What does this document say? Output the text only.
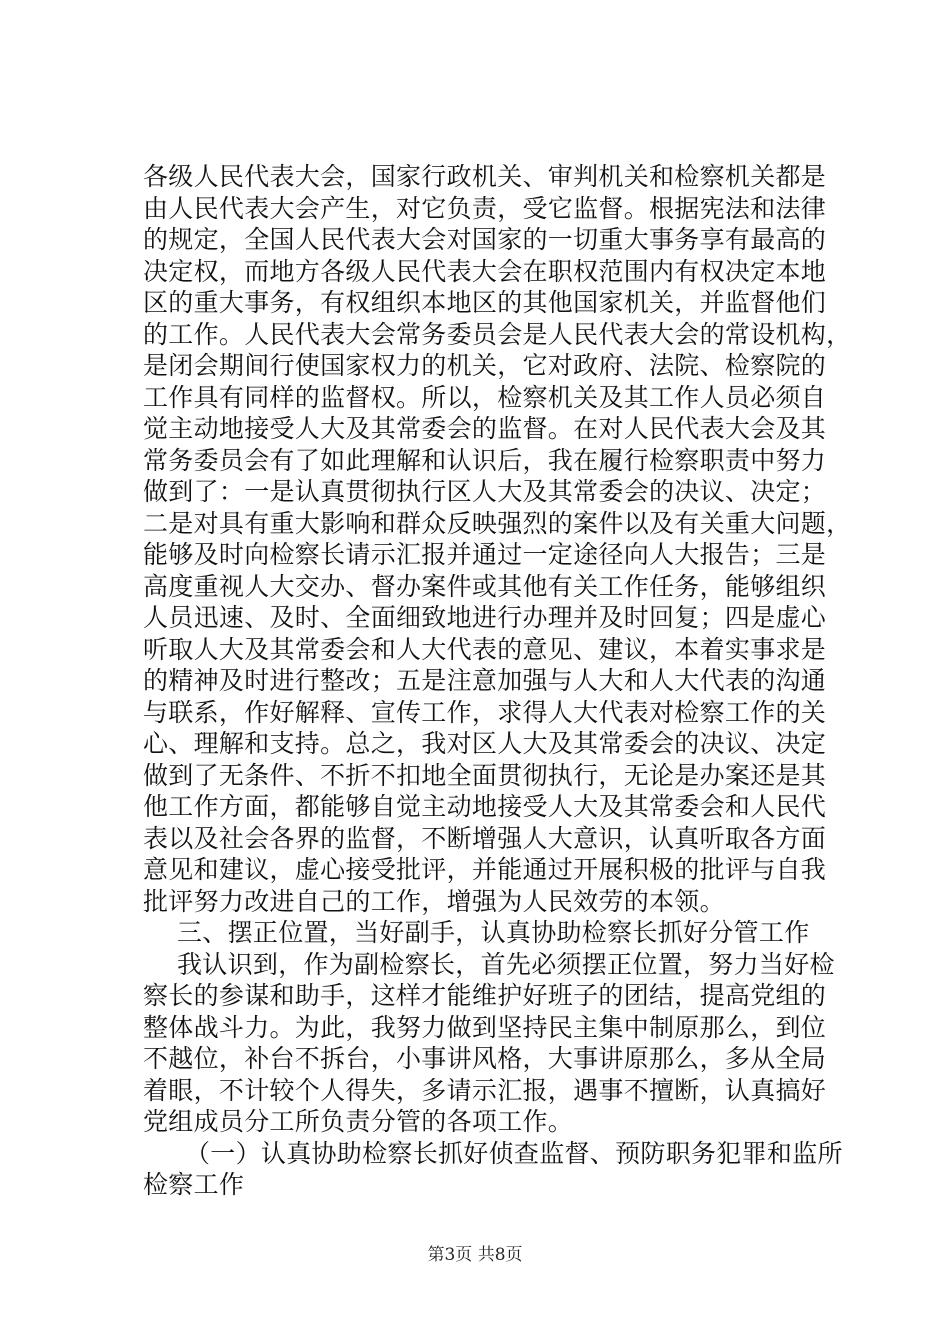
各级人民代表大会，国家行政机关、审判机关和检察机关都是
由人民代表大会产生，对它负责，受它监督。根据宪法和法律
的规定，全国人民代表大会对国家的一切重大事务享有最高的
决定权，而地方各级人民代表大会在职权范围内有权决定本地
区的重大事务，有权组织本地区的其他国家机关，并监督他们
的工作。人民代表大会常务委员会是人民代表大会的常设机构，
是闭会期间行使国家权力的机关，它对政府、法院、检察院的
工作具有同样的监督权。所以，检察机关及其工作人员必须自
觉主动地接受人大及其常委会的监督。在对人民代表大会及其
常务委员会有了如此理解和认识后，我在履行检察职责中努力
做到了：一是认真贯彻执行区人大及其常委会的决议、决定；
二是对具有重大影响和群众反映强烈的案件以及有关重大问题，
能够及时向检察长请示汇报并通过一定途径向人大报告；三是
高度重视人大交办、督办案件或其他有关工作任务，能够组织
人员迅速、及时、全面细致地进行办理并及时回复；四是虚心
听取人大及其常委会和人大代表的意见、建议，本着实事求是
的精神及时进行整改；五是注意加强与人大和人大代表的沟通
与联系，作好解释、宣传工作，求得人大代表对检察工作的关
心、理解和支持。总之，我对区人大及其常委会的决议、决定
做到了无条件、不折不扣地全面贯彻执行，无论是办案还是其
他工作方面，都能够自觉主动地接受人大及其常委会和人民代
表以及社会各界的监督，不断增强人大意识，认真听取各方面
意见和建议，虚心接受批评，并能通过开展积极的批评与自我
批评努力改进自己的工作，增强为人民效劳的本领。
三、摆正位置，当好副手，认真协助检察长抓好分管工作
我认识到，作为副检察长，首先必须摆正位置，努力当好检
察长的参谋和助手，这样才能维护好班子的团结，提高党组的
整体战斗力。为此，我努力做到坚持民主集中制原那么，到位
不越位，补台不拆台，小事讲风格，大事讲原那么，多从全局
着眼，不计较个人得失，多请示汇报，遇事不擅断，认真搞好
党组成员分工所负责分管的各项工作。
（一）认真协助检察长抓好侦查监督、预防职务犯罪和监所
检察工作
第3页 共8页
